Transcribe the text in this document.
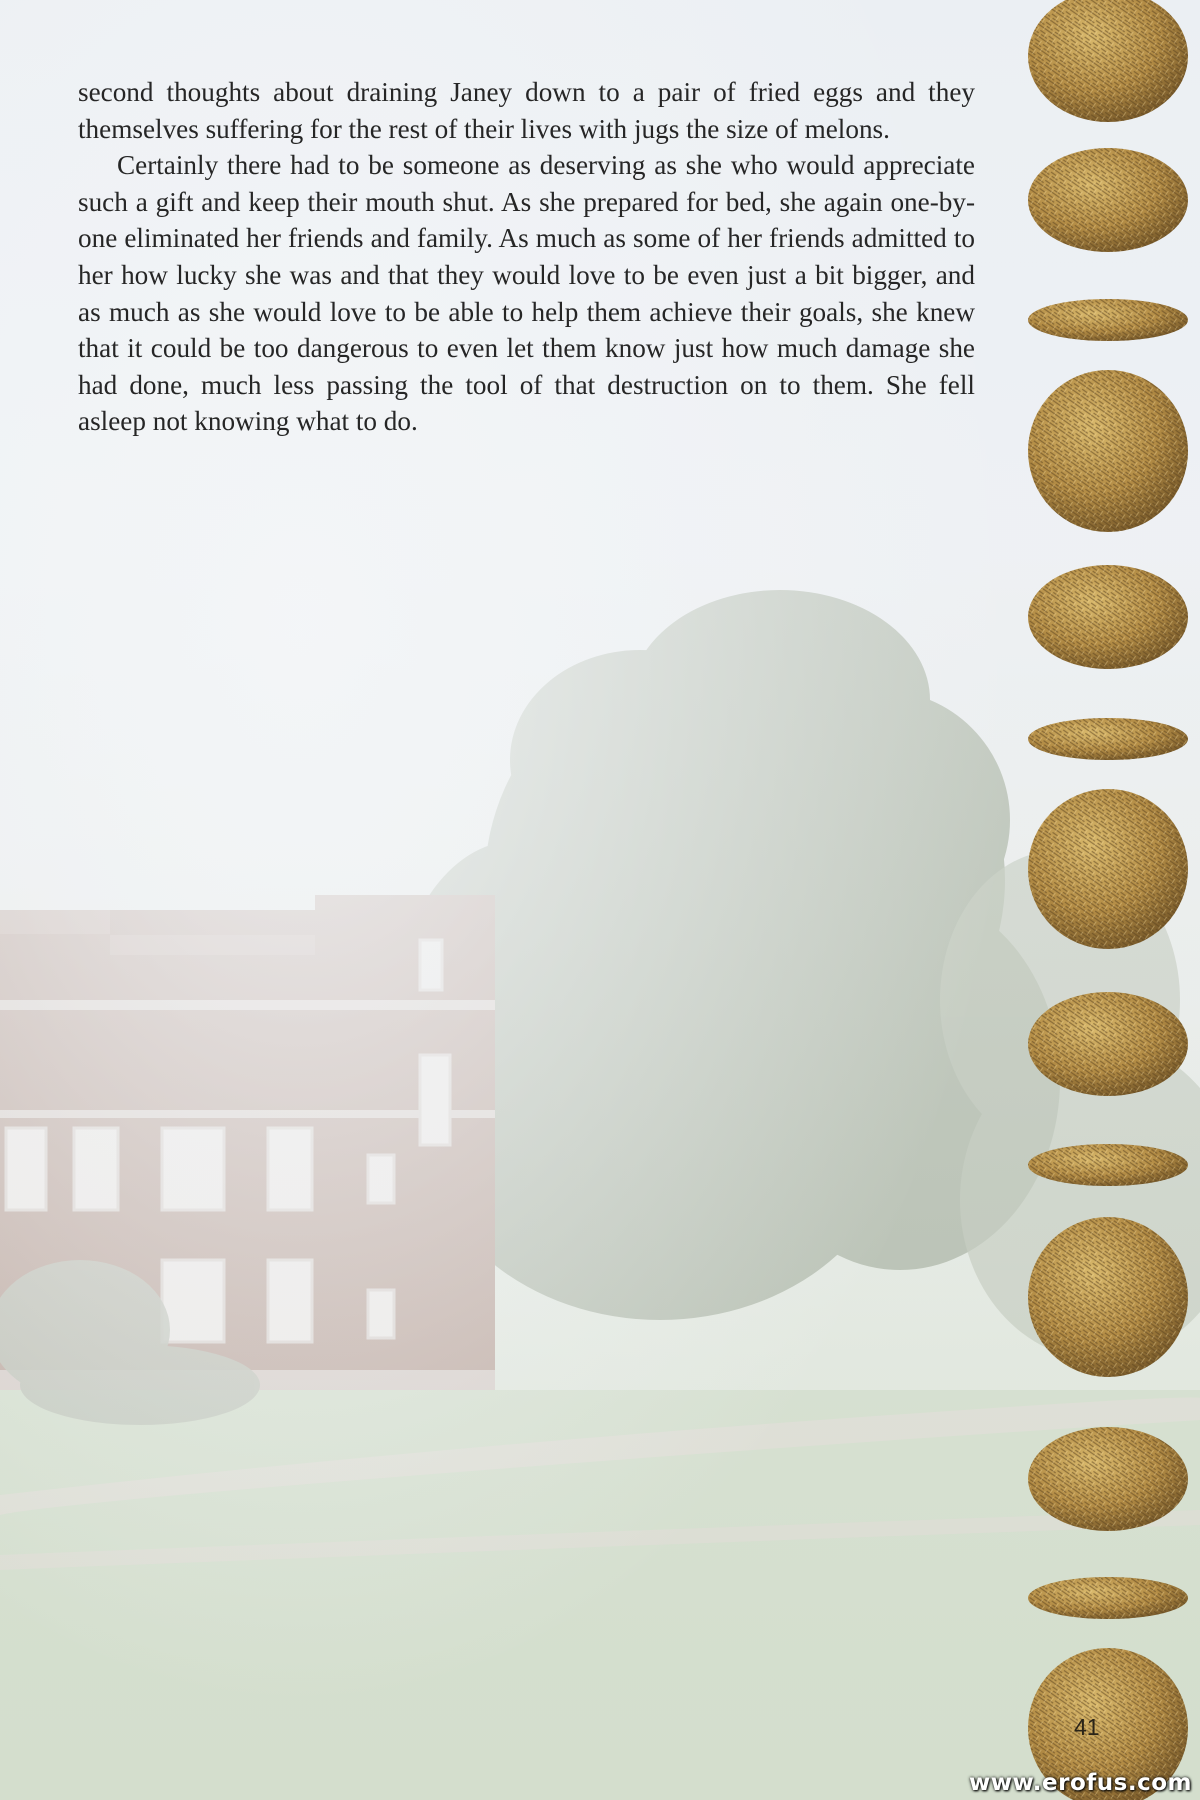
second thoughts about draining Janey down to a pair of fried eggs and they themselves suffering for the rest of their lives with jugs the size of melons.

Certainly there had to be someone as deserving as she who would appreciate such a gift and keep their mouth shut. As she prepared for bed, she again one-by-one eliminated her friends and family. As much as some of her friends admitted to her how lucky she was and that they would love to be even just a bit bigger, and as much as she would love to be able to help them achieve their goals, she knew that it could be too dangerous to even let them know just how much damage she had done, much less passing the tool of that destruction on to them. She fell asleep not knowing what to do.

41
www.erofus.com
